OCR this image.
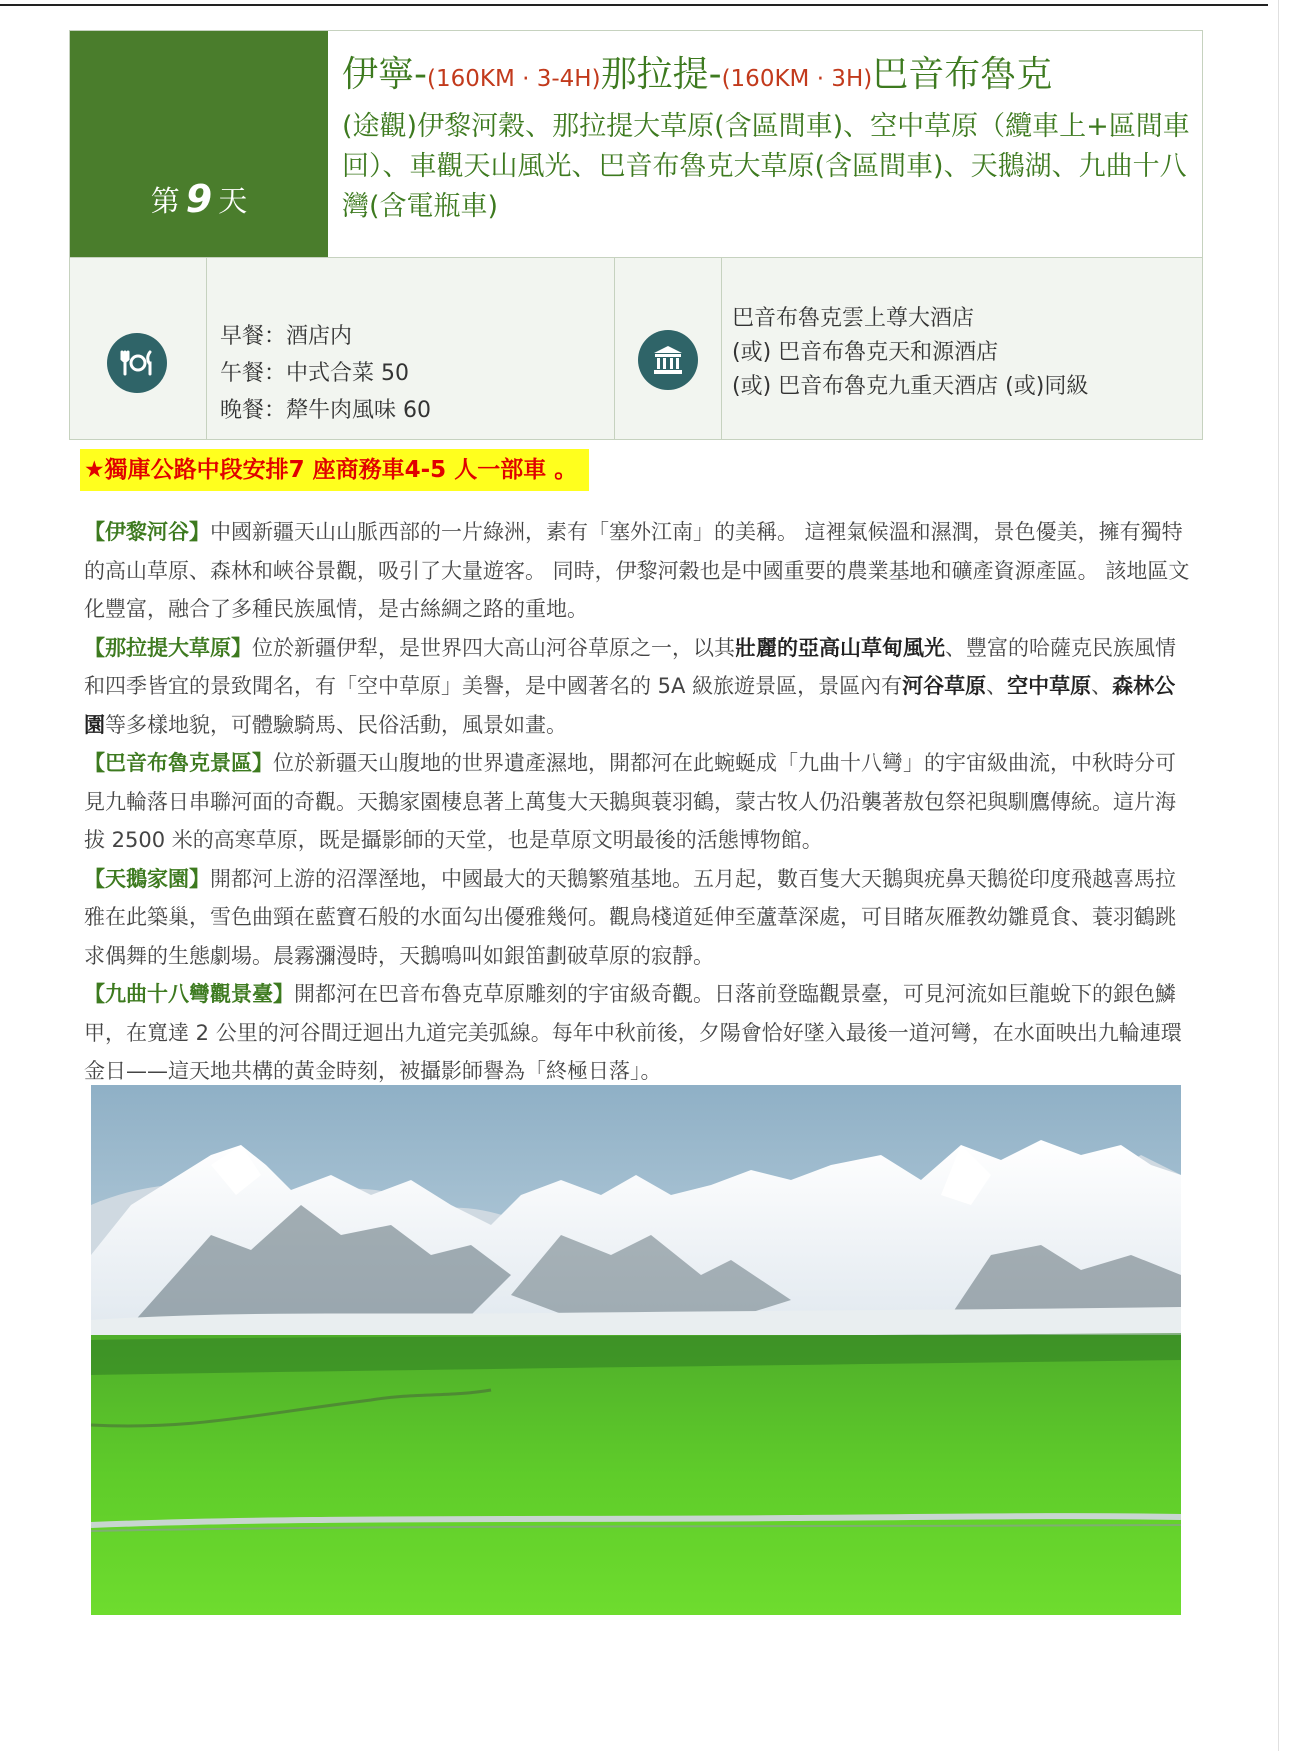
第 9 天
伊寧-(160KM · 3-4H)那拉提-(160KM · 3H)巴音布魯克
(途觀)伊黎河穀、那拉提大草原(含區間車)、空中草原（纜車上+區間車回）、車觀天山風光、巴音布魯克大草原(含區間車)、天鵝湖、九曲十八灣(含電瓶車)
早餐：酒店内
午餐：中式合菜 50
晚餐：犛牛肉風味 60
巴音布魯克雲上尊大酒店
(或) 巴音布魯克天和源酒店
(或) 巴音布魯克九重天酒店 (或)同級
★獨庫公路中段安排7 座商務車4-5 人一部車 。

【伊黎河谷】中國新疆天山山脈西部的一片綠洲，素有「塞外江南」的美稱。 這裡氣候溫和濕潤，景色優美，擁有獨特的高山草原、森林和峽谷景觀，吸引了大量遊客。 同時，伊黎河穀也是中國重要的農業基地和礦產資源產區。 該地區文化豐富，融合了多種民族風情，是古絲綢之路的重地。

【那拉提大草原】位於新疆伊犁，是世界四大高山河谷草原之一，以其壯麗的亞高山草甸風光、豐富的哈薩克民族風情和四季皆宜的景致聞名，有「空中草原」美譽，是中國著名的 5A 級旅遊景區，景區內有河谷草原、空中草原、森林公園等多樣地貌，可體驗騎馬、民俗活動，風景如畫。

【巴音布魯克景區】位於新疆天山腹地的世界遺產濕地，開都河在此蜿蜒成「九曲十八彎」的宇宙級曲流，中秋時分可見九輪落日串聯河面的奇觀。天鵝家園棲息著上萬隻大天鵝與蓑羽鶴，蒙古牧人仍沿襲著敖包祭祀與馴鷹傳統。這片海拔 2500 米的高寒草原，既是攝影師的天堂，也是草原文明最後的活態博物館。

【天鵝家園】開都河上游的沼澤溼地，中國最大的天鵝繁殖基地。五月起，數百隻大天鵝與疣鼻天鵝從印度飛越喜馬拉雅在此築巢，雪色曲頸在藍寶石般的水面勾出優雅幾何。觀鳥棧道延伸至蘆葦深處，可目睹灰雁教幼雛覓食、蓑羽鶴跳求偶舞的生態劇場。晨霧瀰漫時，天鵝鳴叫如銀笛劃破草原的寂靜。

【九曲十八彎觀景臺】開都河在巴音布魯克草原雕刻的宇宙級奇觀。日落前登臨觀景臺，可見河流如巨龍蛻下的銀色鱗甲，在寬達 2 公里的河谷間迂迴出九道完美弧線。每年中秋前後，夕陽會恰好墜入最後一道河彎，在水面映出九輪連環金日——這天地共構的黃金時刻，被攝影師譽為「終極日落」。
